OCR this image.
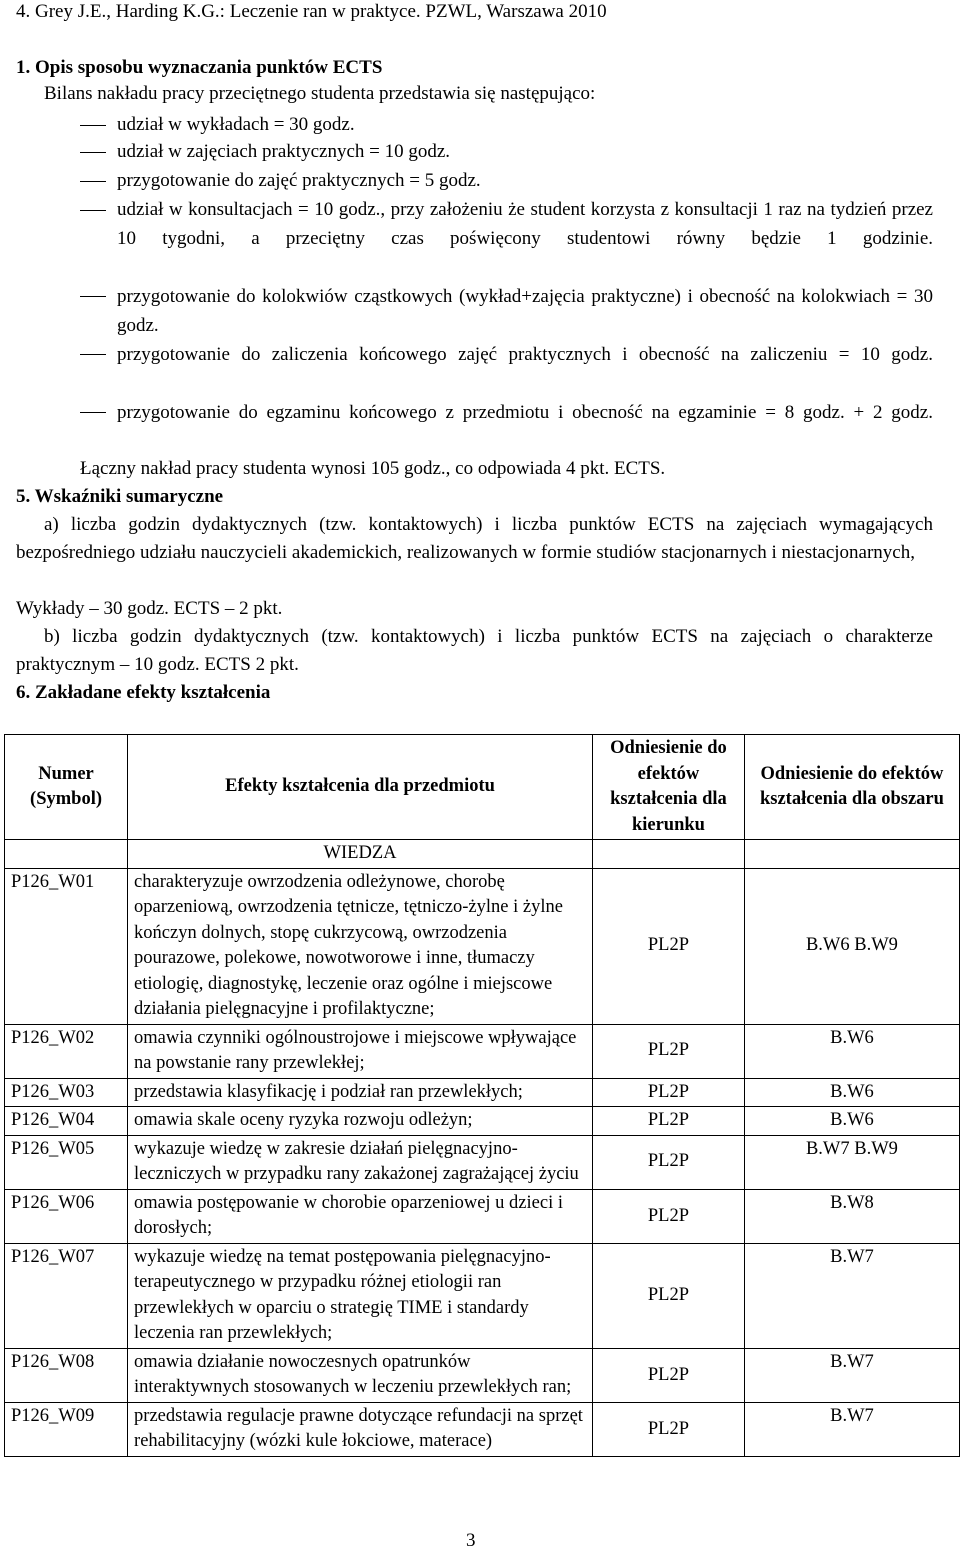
4. Grey J.E., Harding K.G.: Leczenie ran w praktyce. PZWL, Warszawa 2010
1. Opis sposobu wyznaczania punktów ECTS
Bilans nakładu pracy przeciętnego studenta przedstawia się następująco:
udział w wykładach = 30 godz.
udział w zajęciach praktycznych = 10 godz.
przygotowanie do zajęć praktycznych = 5 godz.
udział w konsultacjach = 10 godz., przy założeniu że student korzysta z konsultacji 1 raz na tydzień przez 10 tygodni, a przeciętny czas poświęcony studentowi równy będzie 1 godzinie.
przygotowanie do kolokwiów cząstkowych (wykład+zajęcia praktyczne) i obecność na kolokwiach = 30 godz.
przygotowanie do zaliczenia końcowego zajęć praktycznych i obecność na zaliczeniu = 10 godz.
przygotowanie do egzaminu końcowego z przedmiotu i obecność na egzaminie = 8 godz. + 2 godz.
Łączny nakład pracy studenta wynosi 105 godz., co odpowiada 4 pkt. ECTS.
5. Wskaźniki sumaryczne
a) liczba godzin dydaktycznych (tzw. kontaktowych) i liczba punktów ECTS na zajęciach wymagających bezpośredniego udziału nauczycieli akademickich, realizowanych w formie studiów stacjonarnych i niestacjonarnych,
Wykłady – 30 godz. ECTS – 2 pkt.
b) liczba godzin dydaktycznych (tzw. kontaktowych) i liczba punktów ECTS na zajęciach o charakterze praktycznym – 10 godz. ECTS 2 pkt.
6. Zakładane efekty kształcenia
Numer (Symbol)	Efekty kształcenia dla przedmiotu	Odniesienie do efektów kształcenia dla kierunku	Odniesienie do efektów kształcenia dla obszaru
	WIEDZA		
P126_W01	charakteryzuje owrzodzenia odleżynowe, chorobę oparzeniową, owrzodzenia tętnicze, tętniczo-żylne i żylne kończyn dolnych, stopę cukrzycową, owrzodzenia pourazowe, polekowe, nowotworowe i inne, tłumaczy etiologię, diagnostykę, leczenie oraz ogólne i miejscowe działania pielęgnacyjne i profilaktyczne;	PL2P	B.W6 B.W9
P126_W02	omawia czynniki ogólnoustrojowe i miejscowe wpływające na powstanie rany przewlekłej;	PL2P	B.W6
P126_W03	przedstawia klasyfikację i podział ran przewlekłych;	PL2P	B.W6
P126_W04	omawia skale oceny ryzyka rozwoju odleżyn;	PL2P	B.W6
P126_W05	wykazuje wiedzę w zakresie działań pielęgnacyjno-leczniczych w przypadku rany zakażonej zagrażającej życiu	PL2P	B.W7 B.W9
P126_W06	omawia postępowanie w chorobie oparzeniowej u dzieci i dorosłych;	PL2P	B.W8
P126_W07	wykazuje wiedzę na temat postępowania pielęgnacyjno-terapeutycznego w przypadku różnej etiologii ran przewlekłych w oparciu o strategię TIME i standardy leczenia ran przewlekłych;	PL2P	B.W7
P126_W08	omawia działanie nowoczesnych opatrunków interaktywnych stosowanych w leczeniu przewlekłych ran;	PL2P	B.W7
P126_W09	przedstawia regulacje prawne dotyczące refundacji na sprzęt rehabilitacyjny (wózki kule łokciowe, materace)	PL2P	B.W7
3
